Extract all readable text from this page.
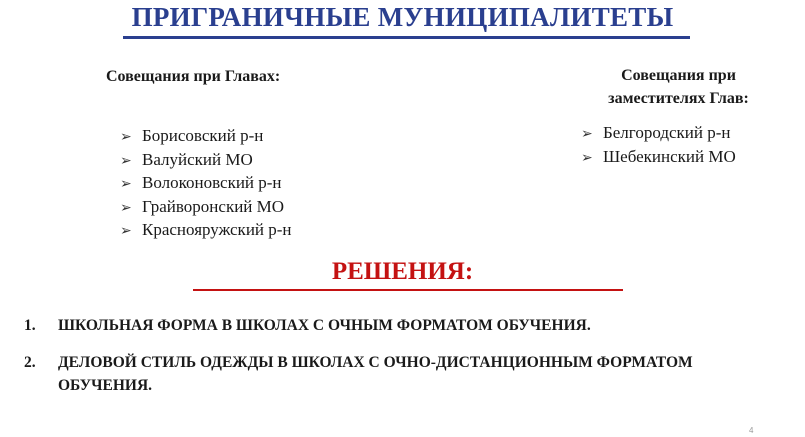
ПРИГРАНИЧНЫЕ МУНИЦИПАЛИТЕТЫ
Совещания при Главах:
➢ Борисовский р-н
➢ Валуйский МО
➢ Волоконовский р-н
➢ Грайворонский МО
➢ Краснояружский р-н
Совещания при
заместителях Глав:
➢ Белгородский р-н
➢ Шебекинский МО
РЕШЕНИЯ:
1. ШКОЛЬНАЯ ФОРМА В ШКОЛАХ С ОЧНЫМ ФОРМАТОМ ОБУЧЕНИЯ.
2. ДЕЛОВОЙ СТИЛЬ ОДЕЖДЫ В ШКОЛАХ С ОЧНО-ДИСТАНЦИОННЫМ ФОРМАТОМ ОБУЧЕНИЯ.
4
